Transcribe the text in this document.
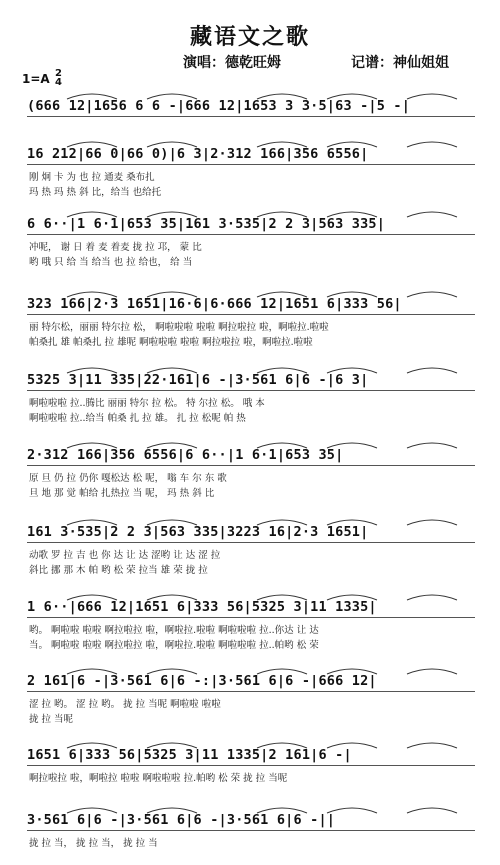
藏语文之歌
演唱：德乾旺姆	记谱：神仙姐姐
1=A 2
4
(666 12|1656 6 6 -|666 12|1653 3 3·5|63 -|5 -|
16 212|66 0|66 0)|6 3|2·312 166|356 6556|
刚 炯 卡 为 也 拉 通麦 桑布扎
玛 热 玛 热 斜 比，给当 也给托
6 6··|1 6·1|653 35|161 3·535|2 2 3|563 335|
冲呢， 谢 日 着 麦 着麦 拢 拉 邛， 蒙 比
哟 哦 只 给 当 给当 也 拉 给也， 给 当
323 166|2·3 1651|16·6|6·666 12|1651 6|333 56|
丽 特尔松，丽丽 特尔拉 松， 啊啦啦啦 啦啦 啊拉啦拉 啦，啊啦拉.啦啦
帕桑扎 雄 帕桑扎 拉 雄呢 啊啦啦啦 啦啦 啊拉啦拉 啦，啊啦拉.啦啦
5325 3|11 335|22·161|6 -|3·561 6|6 -|6 3|
啊啦啦啦 拉..腾比 丽丽 特尔 拉 松。 特 尔拉 松。 哦 本
啊啦啦啦 拉..给当 帕桑 扎 拉 雄。 扎 拉 松呢 帕 热
2·312 166|356 6556|6 6··|1 6·1|653 35|
原 旦 仍 拉 仍你 嘎松达 松 呢， 嗡 车 尔 东 歌
旦 地 那 觉 帕给 扎热拉 当 呢， 玛 热 斜 比
161 3·535|2 2 3|563 335|3223 16|2·3 1651|
动歌 罗 拉 吉 也 你 达 让 达 涩哟 让 达 涩 拉
斜比 挪 那 木 帕 哟 松 荣 拉当 雄 荣 拢 拉
1 6··|666 12|1651 6|333 56|5325 3|11 1335|
哟。 啊啦啦 啦啦 啊拉啦拉 啦，啊啦拉.啦啦 啊啦啦啦 拉..你达 让 达
当。 啊啦啦 啦啦 啊拉啦拉 啦，啊啦拉.啦啦 啊啦啦啦 拉..帕哟 松 荣
2 161|6 -|3·561 6|6 -:|3·561 6|6 -|666 12|
涩 拉 哟。 涩 拉 哟。 拢 拉 当呢 啊啦啦 啦啦
拢 拉 当呢
1651 6|333 56|5325 3|11 1335|2 161|6 -|
啊拉啦拉 啦，啊啦拉 啦啦 啊啦啦啦 拉.帕哟 松 荣 拢 拉 当呢
3·561 6|6 -|3·561 6|6 -|3·561 6|6 -||
拢 拉 当， 拢 拉 当， 拢 拉 当
